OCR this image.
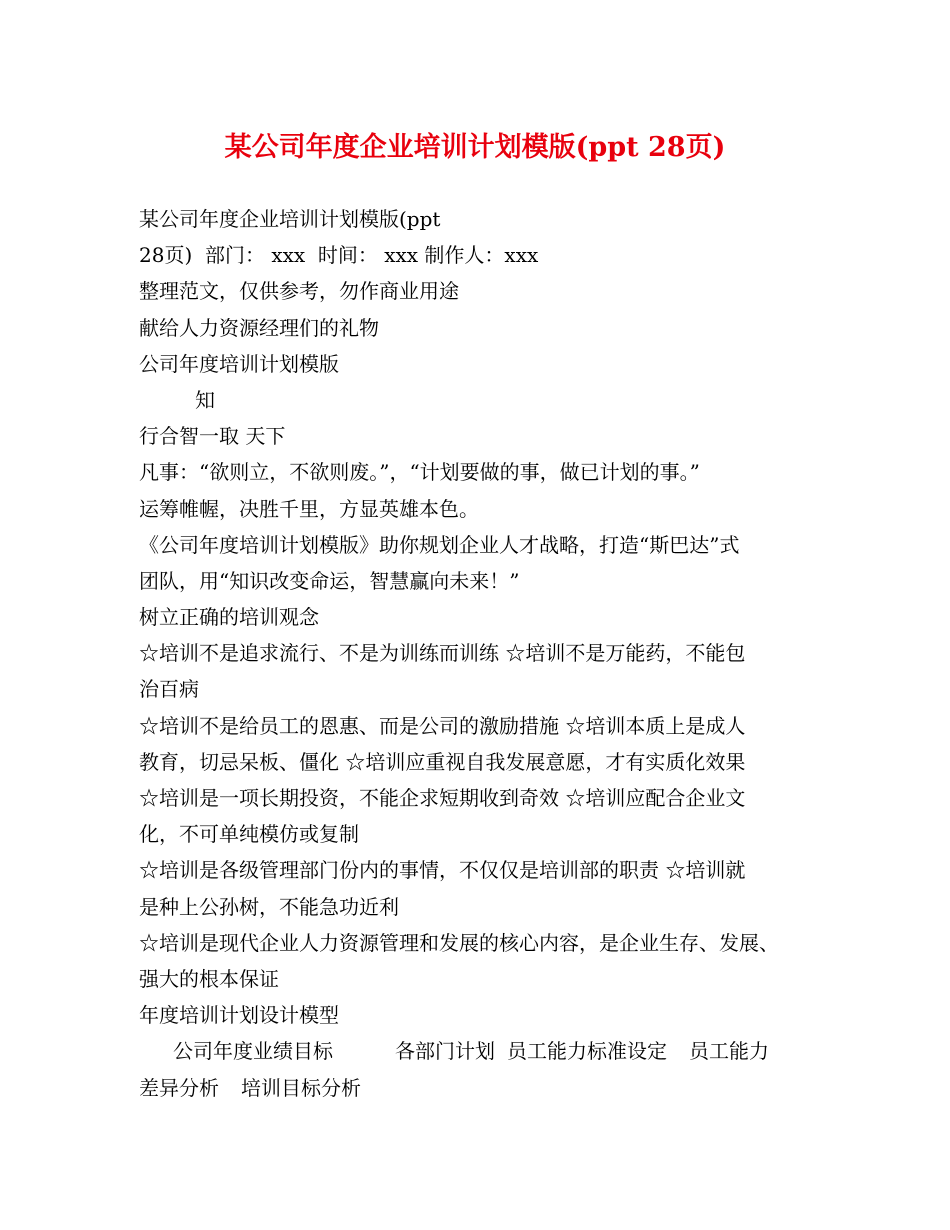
某公司年度企业培训计划模版(ppt 28页)
某公司年度企业培训计划模版(ppt
28页)  部门： xxx  时间： xxx 制作人：xxx
整理范文，仅供参考，勿作商业用途
献给人力资源经理们的礼物
公司年度培训计划模版
知
行合智一取 天下
凡事：“欲则立，不欲则废。”，“计划要做的事，做已计划的事。”
运筹帷幄，决胜千里，方显英雄本色。
《公司年度培训计划模版》助你规划企业人才战略，打造“斯巴达”式
团队，用“知识改变命运，智慧赢向未来！”
树立正确的培训观念
☆培训不是追求流行、不是为训练而训练 ☆培训不是万能药，不能包
治百病
☆培训不是给员工的恩惠、而是公司的激励措施 ☆培训本质上是成人
教育，切忌呆板、僵化 ☆培训应重视自我发展意愿，才有实质化效果
☆培训是一项长期投资，不能企求短期收到奇效 ☆培训应配合企业文
化，不可单纯模仿或复制
☆培训是各级管理部门份内的事情，不仅仅是培训部的职责 ☆培训就
是种上公孙树，不能急功近利
☆培训是现代企业人力资源管理和发展的核心内容，是企业生存、发展、
强大的根本保证
年度培训计划设计模型
公司年度业绩目标	各部门计划 员工能力标准设定 员工能力
差异分析 培训目标分析
